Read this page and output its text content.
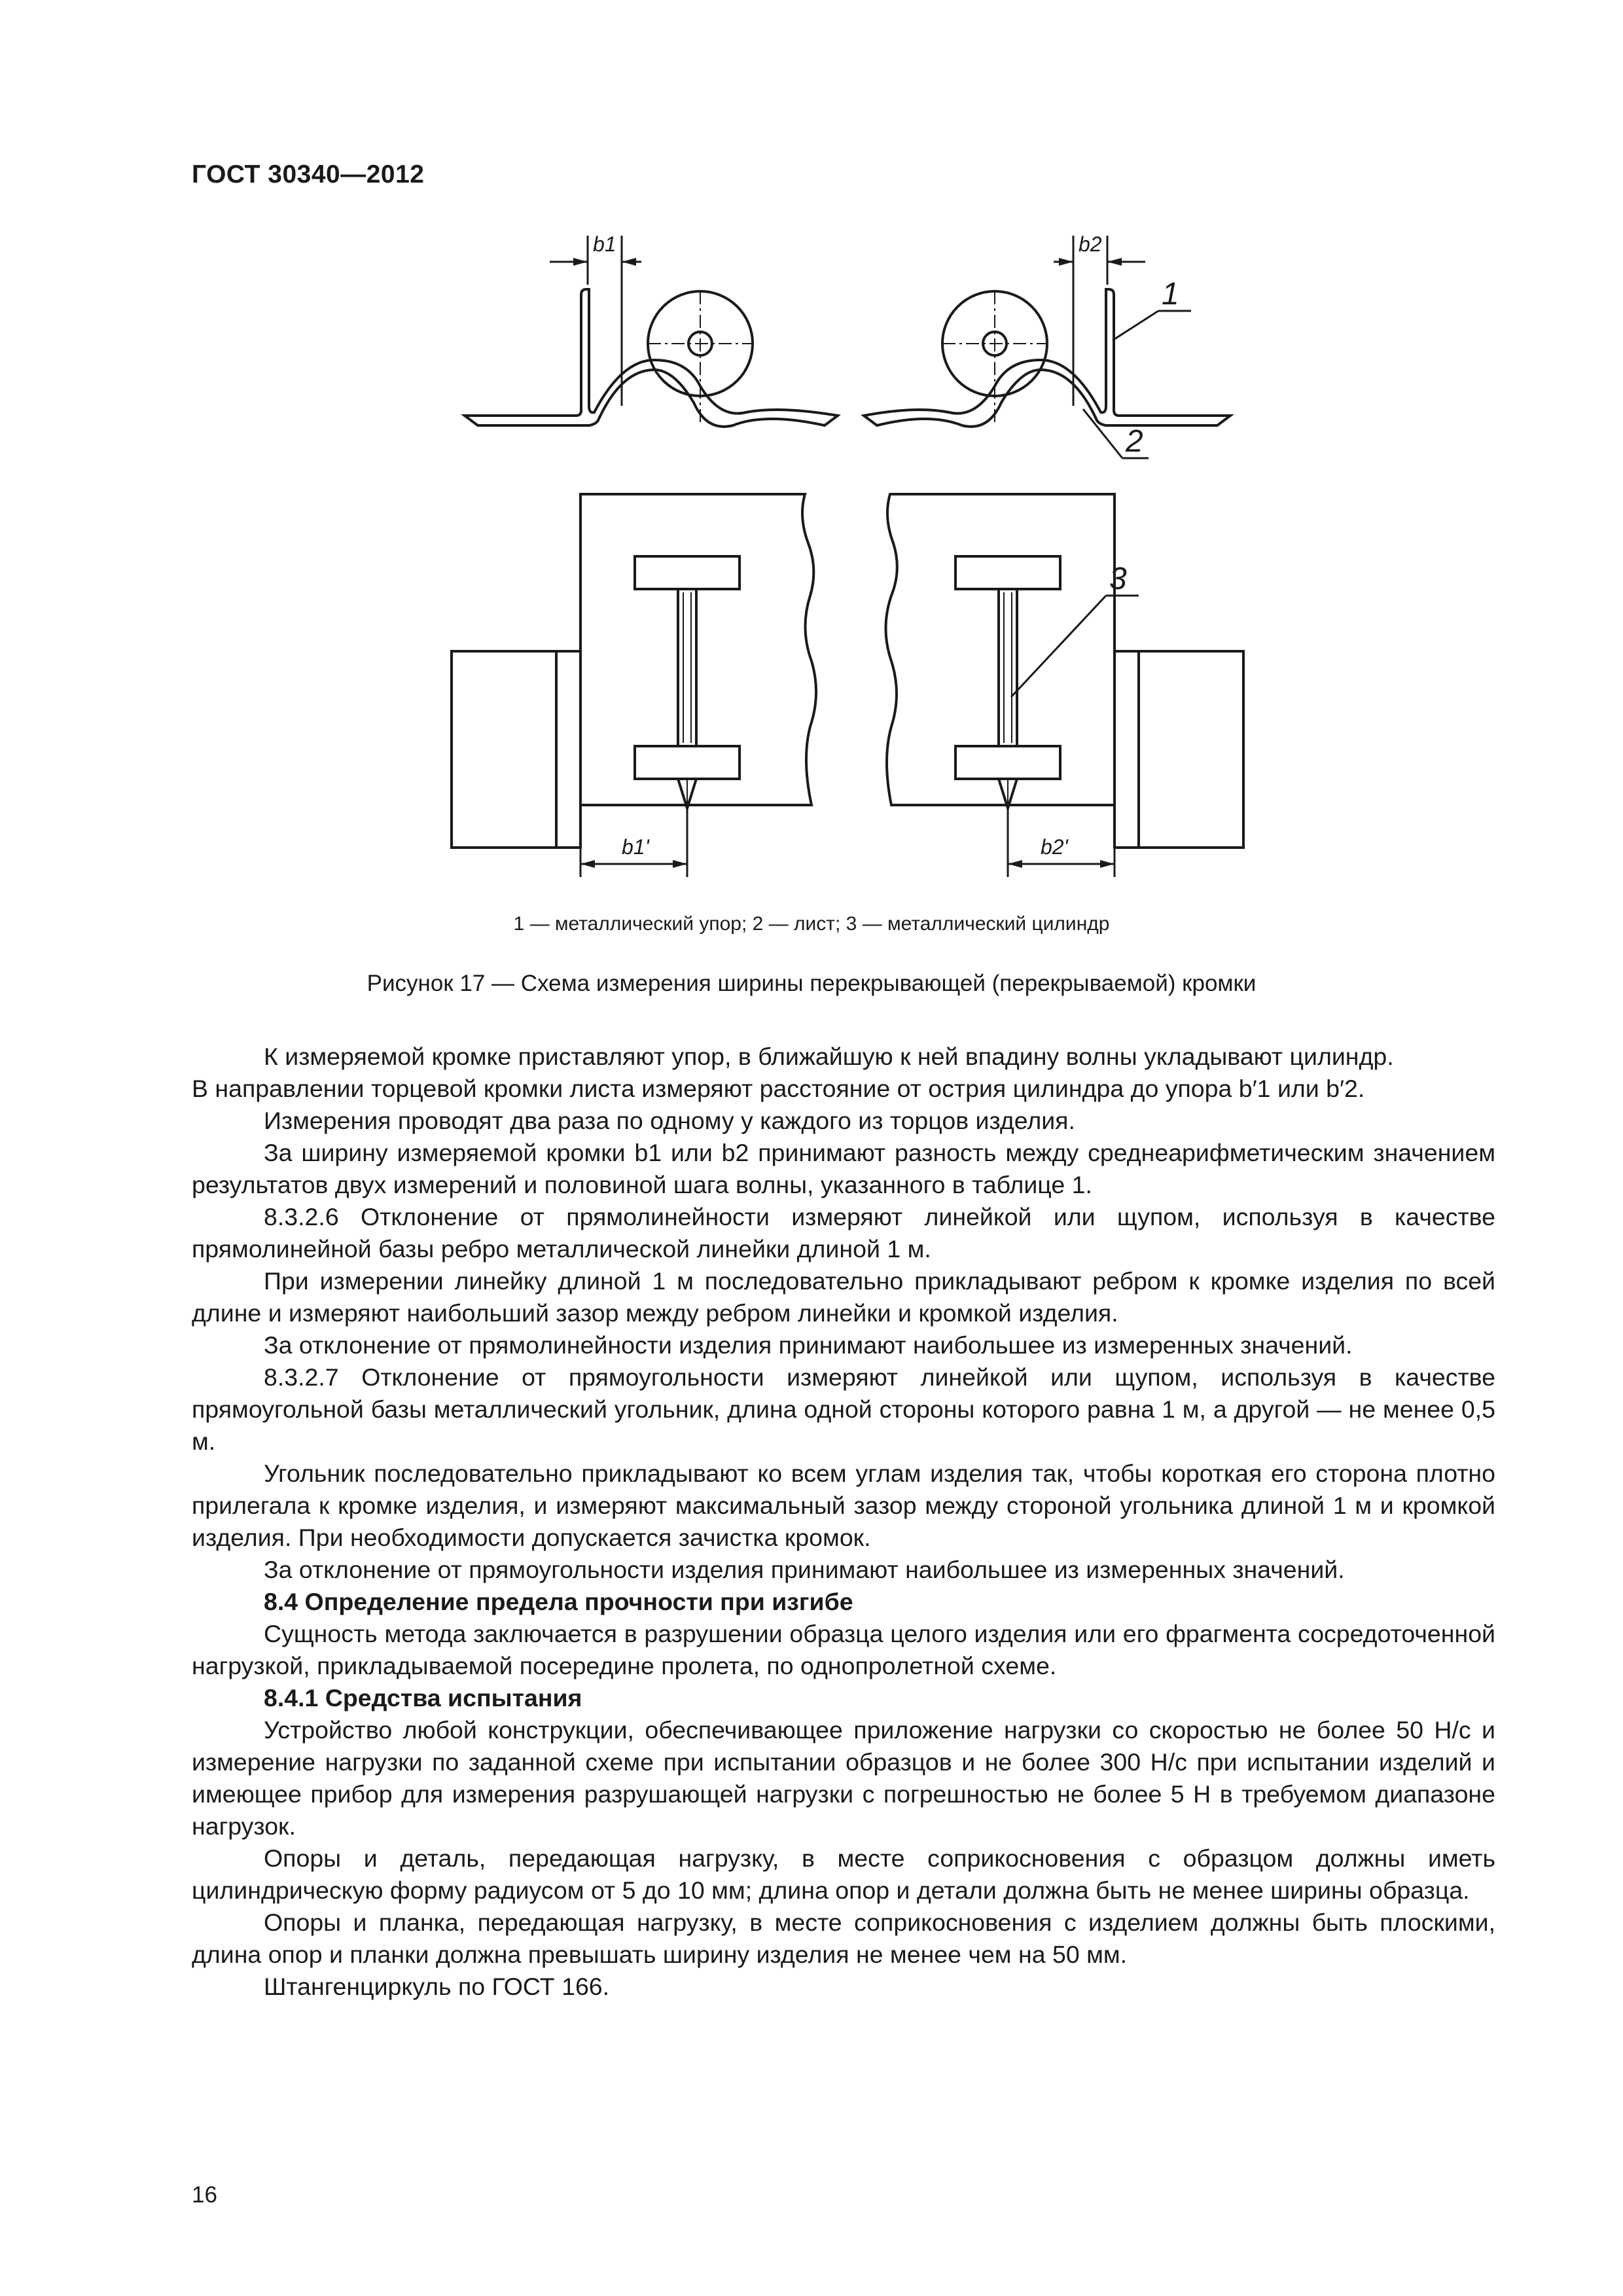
ГОСТ 30340—2012
b1	b2
b1'	b2'
1
2
3
1 — металлический упор; 2 — лист; 3 — металлический цилиндр
Рисунок 17 — Схема измерения ширины перекрывающей (перекрываемой) кромки

К измеряемой кромке приставляют упор, в ближайшую к ней впадину волны укладывают цилиндр.

В направлении торцевой кромки листа измеряют расстояние от острия цилиндра до упора b′1 или b′2.

Измерения проводят два раза по одному у каждого из торцов изделия.

За ширину измеряемой кромки b1 или b2 принимают разность между среднеарифметическим значением результатов двух измерений и половиной шага волны, указанного в таблице 1.

8.3.2.6 Отклонение от прямолинейности измеряют линейкой или щупом, используя в качестве прямолинейной базы ребро металлической линейки длиной 1 м.

При измерении линейку длиной 1 м последовательно прикладывают ребром к кромке изделия по всей длине и измеряют наибольший зазор между ребром линейки и кромкой изделия.

За отклонение от прямолинейности изделия принимают наибольшее из измеренных значений.

8.3.2.7 Отклонение от прямоугольности измеряют линейкой или щупом, используя в качестве прямоугольной базы металлический угольник, длина одной стороны которого равна 1 м, а другой — не менее 0,5 м.

Угольник последовательно прикладывают ко всем углам изделия так, чтобы короткая его сторона плотно прилегала к кромке изделия, и измеряют максимальный зазор между стороной угольника длиной 1 м и кромкой изделия. При необходимости допускается зачистка кромок.

За отклонение от прямоугольности изделия принимают наибольшее из измеренных значений.

8.4 Определение предела прочности при изгибе

Сущность метода заключается в разрушении образца целого изделия или его фрагмента сосредоточенной нагрузкой, прикладываемой посередине пролета, по однопролетной схеме.

8.4.1 Средства испытания

Устройство любой конструкции, обеспечивающее приложение нагрузки со скоростью не более 50 Н/с и измерение нагрузки по заданной схеме при испытании образцов и не более 300 Н/с при испытании изделий и имеющее прибор для измерения разрушающей нагрузки с погрешностью не более 5 Н в требуемом диапазоне нагрузок.

Опоры и деталь, передающая нагрузку, в месте соприкосновения с образцом должны иметь цилиндрическую форму радиусом от 5 до 10 мм; длина опор и детали должна быть не менее ширины образца.

Опоры и планка, передающая нагрузку, в месте соприкосновения с изделием должны быть плоскими, длина опор и планки должна превышать ширину изделия не менее чем на 50 мм.

Штангенциркуль по ГОСТ 166.

16
